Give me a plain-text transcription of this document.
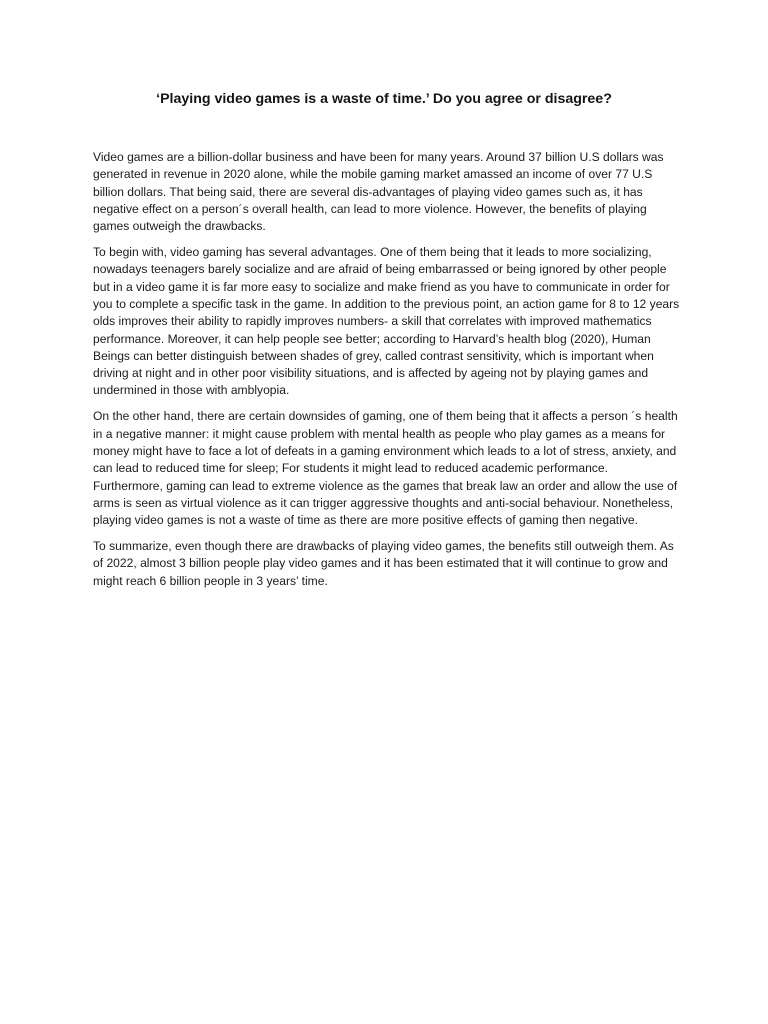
‘Playing video games is a waste of time.’ Do you agree or disagree?

Video games are a billion-dollar business and have been for many years. Around 37 billion U.S dollars was generated in revenue in 2020 alone, while the mobile gaming market amassed an income of over 77 U.S billion dollars. That being said, there are several dis-advantages of playing video games such as, it has negative effect on a person´s overall health, can lead to more violence. However, the benefits of playing games outweigh the drawbacks.

To begin with, video gaming has several advantages. One of them being that it leads to more socializing, nowadays teenagers barely socialize and are afraid of being embarrassed or being ignored by other people but in a video game it is far more easy to socialize and make friend as you have to communicate in order for you to complete a specific task in the game. In addition to the previous point, an action game for 8 to 12 years olds improves their ability to rapidly improves numbers- a skill that correlates with improved mathematics performance. Moreover, it can help people see better; according to Harvard’s health blog (2020), Human Beings can better distinguish between shades of grey, called contrast sensitivity, which is important when driving at night and in other poor visibility situations, and is affected by ageing not by playing games and undermined in those with amblyopia.

On the other hand, there are certain downsides of gaming, one of them being that it affects a person ´s health in a negative manner: it might cause problem with mental health as people who play games as a means for money might have to face a lot of defeats in a gaming environment which leads to a lot of stress, anxiety, and can lead to reduced time for sleep; For students it might lead to reduced academic performance. Furthermore, gaming can lead to extreme violence as the games that break law an order and allow the use of arms is seen as virtual violence as it can trigger aggressive thoughts and anti-social behaviour. Nonetheless, playing video games is not a waste of time as there are more positive effects of gaming then negative.

To summarize, even though there are drawbacks of playing video games, the benefits still outweigh them. As of 2022, almost 3 billion people play video games and it has been estimated that it will continue to grow and might reach 6 billion people in 3 years’ time.
